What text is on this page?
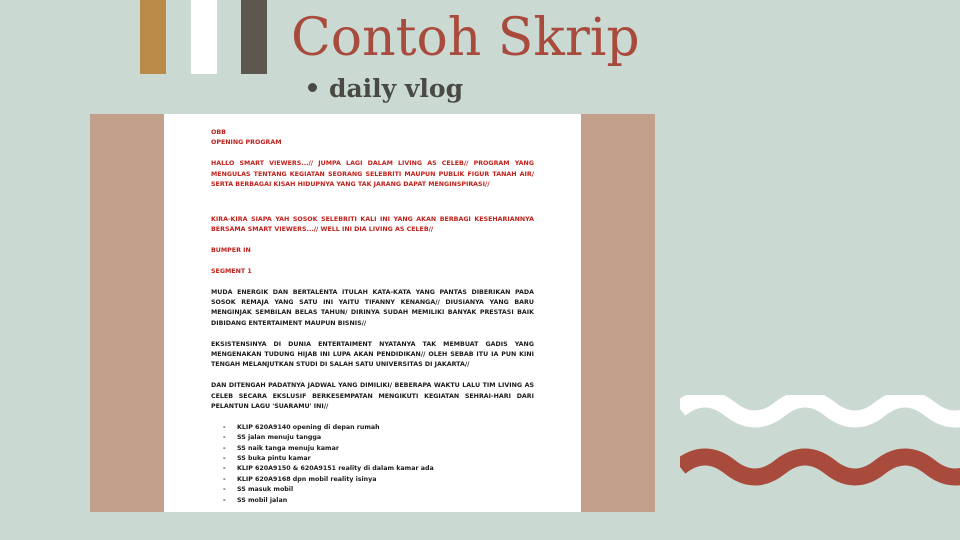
Contoh Skrip
daily vlog

OBB

OPENING PROGRAM

HALLO SMART VIEWERS...// JUMPA LAGI DALAM LIVING AS CELEB// PROGRAM YANG MENGULAS TENTANG KEGIATAN SEORANG SELEBRITI MAUPUN PUBLIK FIGUR TANAH AIR/ SERTA BERBAGAI KISAH HIDUPNYA YANG TAK JARANG DAPAT MENGINSPIRASI//

KIRA-KIRA SIAPA YAH SOSOK SELEBRITI KALI INI YANG AKAN BERBAGI KESEHARIANNYA BERSAMA SMART VIEWERS...// WELL INI DIA LIVING AS CELEB//

BUMPER IN

SEGMENT 1

MUDA ENERGIK DAN BERTALENTA ITULAH KATA-KATA YANG PANTAS DIBERIKAN PADA SOSOK REMAJA YANG SATU INI YAITU TIFANNY KENANGA// DIUSIANYA YANG BARU MENGINJAK SEMBILAN BELAS TAHUN/ DIRINYA SUDAH MEMILIKI BANYAK PRESTASI BAIK DIBIDANG ENTERTAIMENT MAUPUN BISNIS//

EKSISTENSINYA DI DUNIA ENTERTAIMENT NYATANYA TAK MEMBUAT GADIS YANG MENGENAKAN TUDUNG HIJAB INI LUPA AKAN PENDIDIKAN// OLEH SEBAB ITU IA PUN KINI TENGAH MELANJUTKAN STUDI DI SALAH SATU UNIVERSITAS DI JAKARTA//

DAN DITENGAH PADATNYA JADWAL YANG DIMILIKI/ BEBERAPA WAKTU LALU TIM LIVING AS CELEB SECARA EKSLUSIF BERKESEMPATAN MENGIKUTI KEGIATAN SEHRAI-HARI DARI PELANTUN LAGU 'SUARAMU' INI//

- KLIP 620A9140 opening di depan rumah
- SS jalan menuju tangga
- SS naik tanga menuju kamar
- SS buka pintu kamar
- KLIP 620A9150 & 620A9151 reality di dalam kamar ada
- KLIP 620A9168 dpn mobil reality isinya
- SS masuk mobil
- SS mobil jalan
